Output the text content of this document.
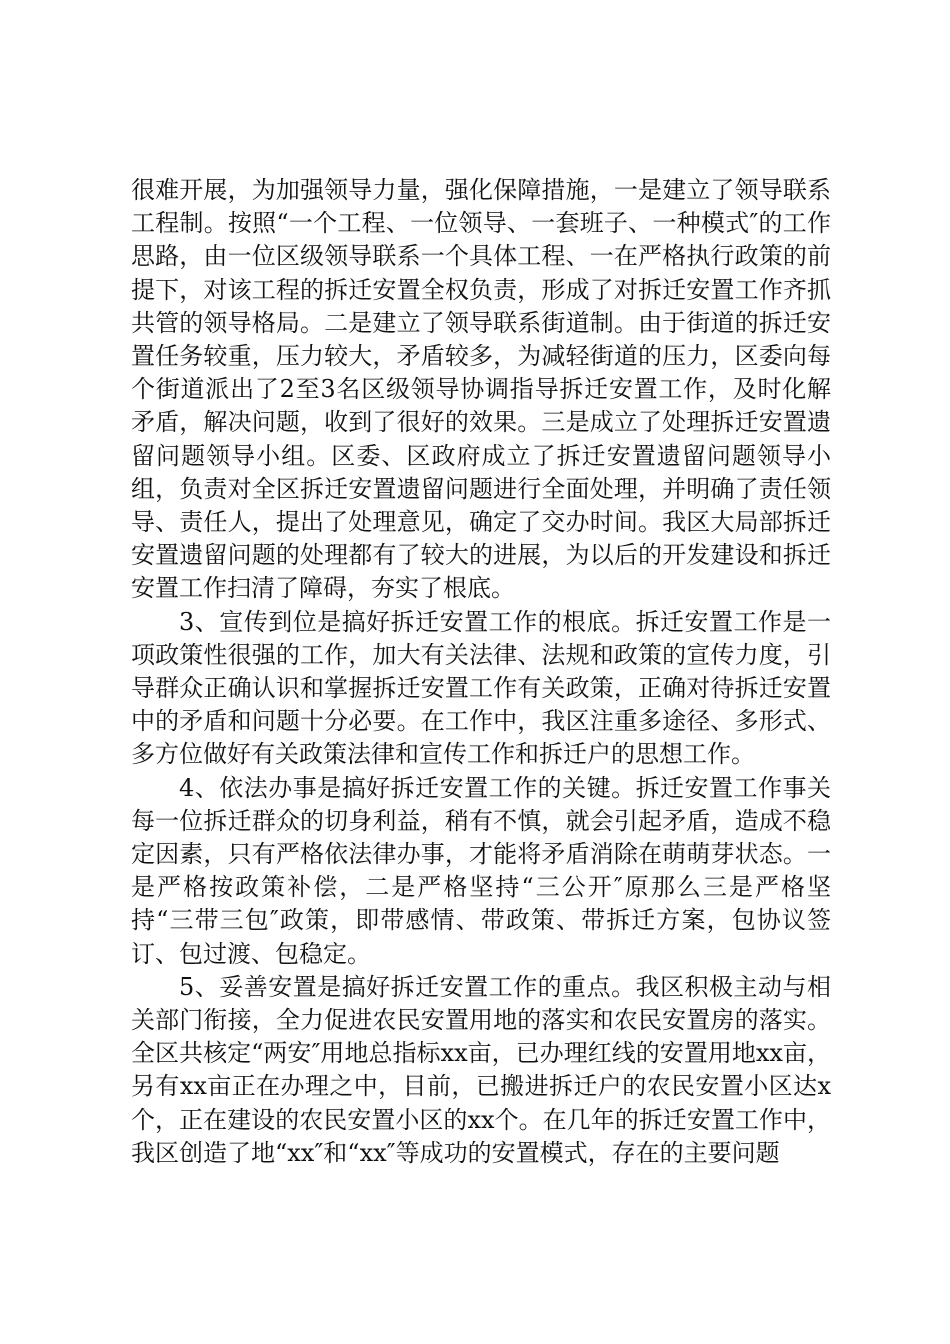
很难开展，为加强领导力量，强化保障措施，一是建立了领导联系工程制。按照“一个工程、一位领导、一套班子、一种模式″的工作思路，由一位区级领导联系一个具体工程、一在严格执行政策的前提下，对该工程的拆迁安置全权负责，形成了对拆迁安置工作齐抓共管的领导格局。二是建立了领导联系街道制。由于街道的拆迁安置任务较重，压力较大，矛盾较多，为减轻街道的压力，区委向每个街道派出了2至3名区级领导协调指导拆迁安置工作，及时化解矛盾，解决问题，收到了很好的效果。三是成立了处理拆迁安置遗留问题领导小组。区委、区政府成立了拆迁安置遗留问题领导小组，负责对全区拆迁安置遗留问题进行全面处理，并明确了责任领导、责任人，提出了处理意见，确定了交办时间。我区大局部拆迁安置遗留问题的处理都有了较大的进展，为以后的开发建设和拆迁安置工作扫清了障碍，夯实了根底。

3、宣传到位是搞好拆迁安置工作的根底。拆迁安置工作是一项政策性很强的工作，加大有关法律、法规和政策的宣传力度，引导群众正确认识和掌握拆迁安置工作有关政策，正确对待拆迁安置中的矛盾和问题十分必要。在工作中，我区注重多途径、多形式、多方位做好有关政策法律和宣传工作和拆迁户的思想工作。

4、依法办事是搞好拆迁安置工作的关键。拆迁安置工作事关每一位拆迁群众的切身利益，稍有不慎，就会引起矛盾，造成不稳定因素，只有严格依法律办事，才能将矛盾消除在萌萌芽状态。一是严格按政策补偿，二是严格坚持“三公开″原那么三是严格坚持“三带三包″政策，即带感情、带政策、带拆迁方案，包协议签订、包过渡、包稳定。

5、妥善安置是搞好拆迁安置工作的重点。我区积极主动与相关部门衔接，全力促进农民安置用地的落实和农民安置房的落实。全区共核定“两安″用地总指标xx亩，已办理红线的安置用地xx亩，另有xx亩正在办理之中，目前，已搬进拆迁户的农民安置小区达x个，正在建设的农民安置小区的xx个。在几年的拆迁安置工作中，我区创造了地“xx″和“xx″等成功的安置模式，存在的主要问题
